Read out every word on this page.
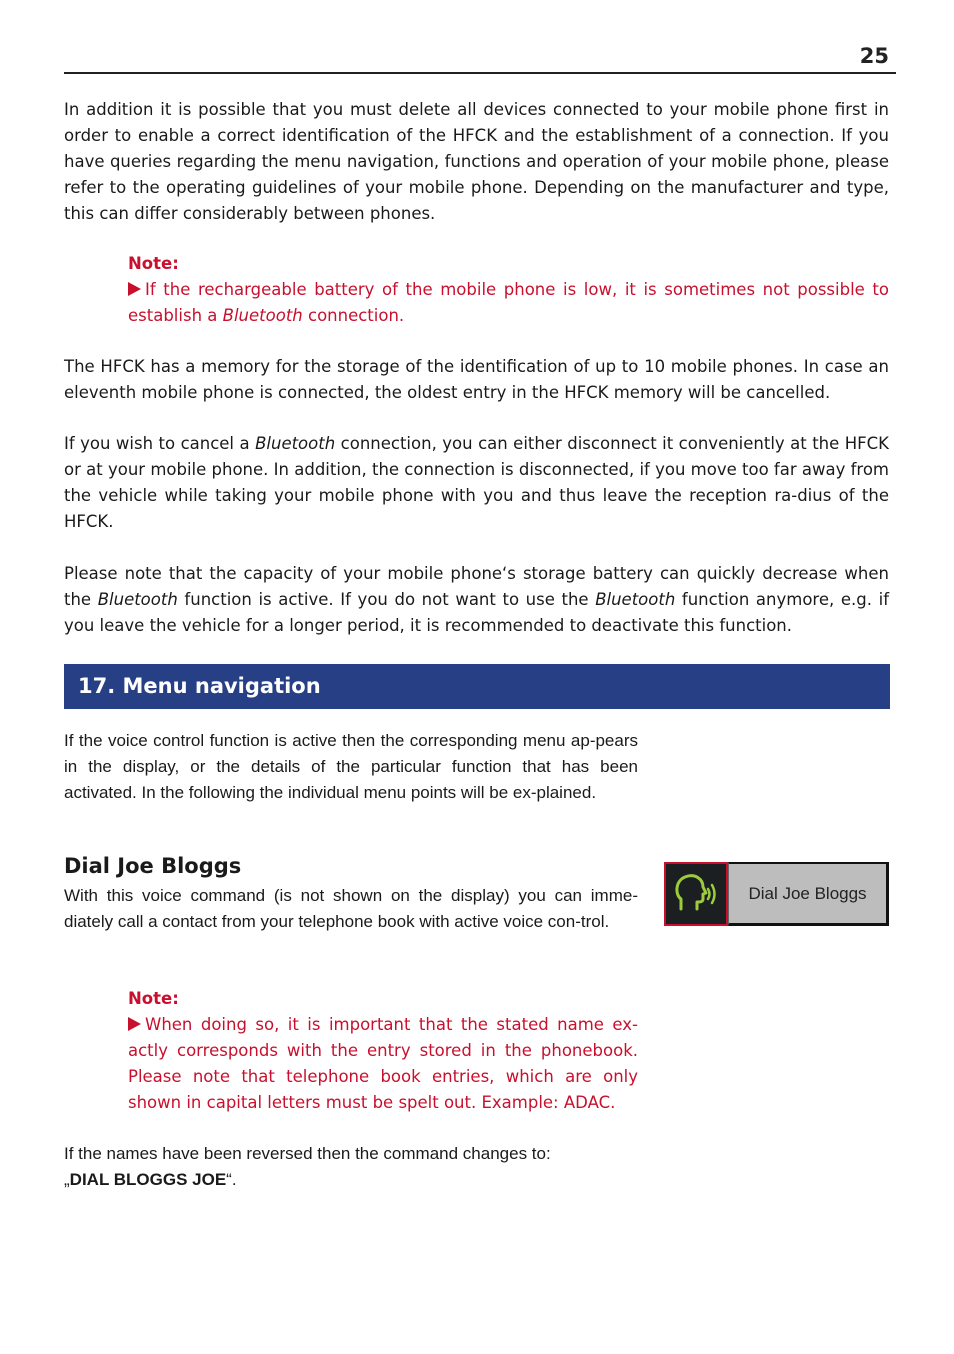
25

In addition it is possible that you must delete all devices connected to your mobile phone first in order to enable a correct identification of the HFCK and the establishment of a connection. If you have queries regarding the menu navigation, functions and operation of your mobile phone, please refer to the operating guidelines of your mobile phone. Depending on the manufacturer and type, this can differ considerably between phones.

Note:
If the rechargeable battery of the mobile phone is low, it is sometimes not possible to establish a Bluetooth connection.

The HFCK has a memory for the storage of the identification of up to 10 mobile phones. In case an eleventh mobile phone is connected, the oldest entry in the HFCK memory will be cancelled.

If you wish to cancel a Bluetooth connection, you can either disconnect it conveniently at the HFCK or at your mobile phone. In addition, the connection is disconnected, if you move too far away from the vehicle while taking your mobile phone with you and thus leave the reception ra-dius of the HFCK.

Please note that the capacity of your mobile phone‘s storage battery can quickly decrease when the Bluetooth function is active. If you do not want to use the Bluetooth function anymore, e.g. if you leave the vehicle for a longer period, it is recommended to deactivate this function.

17. Menu navigation

If the voice control function is active then the corresponding menu ap-pears in the display, or the details of the particular function that has been activated. In the following the individual menu points will be ex-plained.

Dial Joe Bloggs

With this voice command (is not shown on the display) you can imme-diately call a contact from your telephone book with active voice con-trol.

Note:
When doing so, it is important that the stated name ex-actly corresponds with the entry stored in the phonebook. Please note that telephone book entries, which are only shown in capital letters must be spelt out. Example: ADAC.

If the names have been reversed then the command changes to:
„DIAL BLOGGS JOE“.

Dial Joe Bloggs
